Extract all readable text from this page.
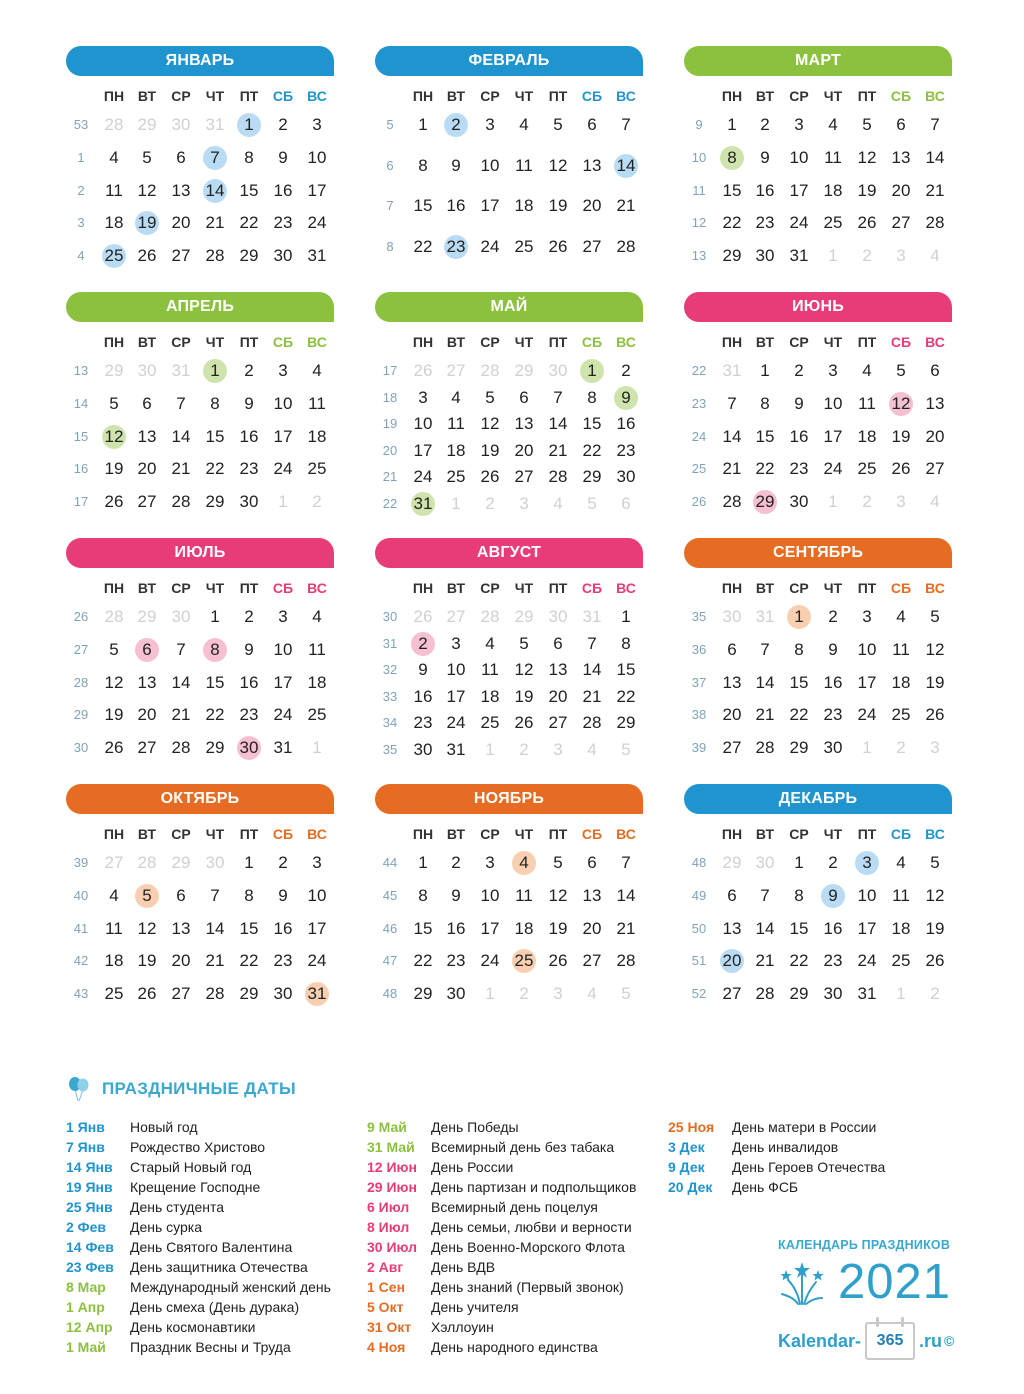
ЯНВАРЬ
ПН ВТ	СР	ЧТ	ПТ	СБ	ВС
53 28 29 30 31	1	2	3
1	4	5	6	7	8	9	10
2	11 12 13 14 15 16 17
3	18 19 20 21 22 23 24
4	25 26 27 28 29 30 31
ФЕВРАЛЬ
ПН ВТ	СР	ЧТ	ПТ	СБ	ВС
5	1	2	3	4	5	6	7
6	8	9	10 11 12 13 14
7	15 16 17 18 19 20 21
8	22 23 24 25 26 27 28
МАРТ
ПН ВТ	СР	ЧТ	ПТ	СБ	ВС
9	1	2	3	4	5	6	7
10	8	9	10 11 12 13 14
11 15 16 17 18 19 20 21
12 22 23 24 25 26 27 28
13 29 30 31	1	2	3	4
АПРЕЛЬ
ПН ВТ	СР	ЧТ	ПТ	СБ	ВС
13 29 30 31	1	2	3	4
14	5	6	7	8	9	10 11
15 12 13 14 15 16 17 18
16 19 20 21 22 23 24 25
17 26 27 28 29 30	1	2
МАЙ
ПН ВТ	СР	ЧТ	ПТ	СБ	ВС
17 26 27 28 29 30	1	2
18	3	4	5	6	7	8	9
19 10 11 12 13 14 15 16
20 17 18 19 20 21 22 23
21 24 25 26 27 28 29 30
22 31	1	2	3	4	5	6
ИЮНЬ
ПН ВТ	СР	ЧТ	ПТ	СБ	ВС
22 31	1	2	3	4	5	6
23	7	8	9	10 11 12 13
24 14 15 16 17 18 19 20
25 21 22 23 24 25 26 27
26 28 29 30	1	2	3	4
ИЮЛЬ
ПН ВТ	СР	ЧТ	ПТ	СБ	ВС
26 28 29 30	1	2	3	4
27	5	6	7	8	9	10 11
28 12 13 14 15 16 17 18
29 19 20 21 22 23 24 25
30 26 27 28 29 30 31	1
АВГУСТ
ПН ВТ	СР	ЧТ	ПТ	СБ	ВС
30 26 27 28 29 30 31	1
31	2	3	4	5	6	7	8
32	9	10 11 12 13 14 15
33 16 17 18 19 20 21 22
34 23 24 25 26 27 28 29
35 30 31	1	2	3	4	5
СЕНТЯБРЬ
ПН ВТ	СР	ЧТ	ПТ	СБ	ВС
35 30 31	1	2	3	4	5
36	6	7	8	9	10 11 12
37 13 14 15 16 17 18 19
38 20 21 22 23 24 25 26
39 27 28 29 30	1	2	3
ОКТЯБРЬ
ПН ВТ	СР	ЧТ	ПТ	СБ	ВС
39 27 28 29 30	1	2	3
40	4	5	6	7	8	9	10
41 11 12 13 14 15 16 17
42 18 19 20 21 22 23 24
43 25 26 27 28 29 30 31
НОЯБРЬ
ПН ВТ	СР	ЧТ	ПТ	СБ	ВС
44	1	2	3	4	5	6	7
45	8	9	10 11 12 13 14
46 15 16 17 18 19 20 21
47 22 23 24 25 26 27 28
48 29 30	1	2	3	4	5
ДЕКАБРЬ
ПН ВТ	СР	ЧТ	ПТ	СБ	ВС
48 29 30	1	2	3	4	5
49	6	7	8	9	10 11 12
50 13 14 15 16 17 18 19
51 20 21 22 23 24 25 26
52 27 28 29 30 31	1	2
ПРАЗДНИЧНЫЕ ДАТЫ
1 Янв Новый год
7 Янв Рождество Христово
14 Янв Старый Новый год
19 Янв Крещение Господне
25 Янв День студента
2 Фев День сурка
14 Фев День Святого Валентина
23 Фев День защитника Отечества
8 Мар Международный женский день
1 Апр День смеха (День дурака)
12 Апр День космонавтики
1 Май Праздник Весны и Труда
9 Май День Победы
31 Май Всемирный день без табака
12 Июн День России
29 Июн День партизан и подпольщиков
6 Июл Всемирный день поцелуя
8 Июл День семьи, любви и верности
30 Июл День Военно-Морского Флота
2 Авг День ВДВ
1 Сен День знаний (Первый звонок)
5 Окт День учителя
31 Окт Хэллоуин
4 Ноя День народного единства
25 Ноя День матери в России
3 Дек День инвалидов
9 Дек День Героев Отечества
20 Дек День ФСБ
КАЛЕНДАРЬ ПРАЗДНИКОВ
2021
Kalendar- 365 .ru ©
